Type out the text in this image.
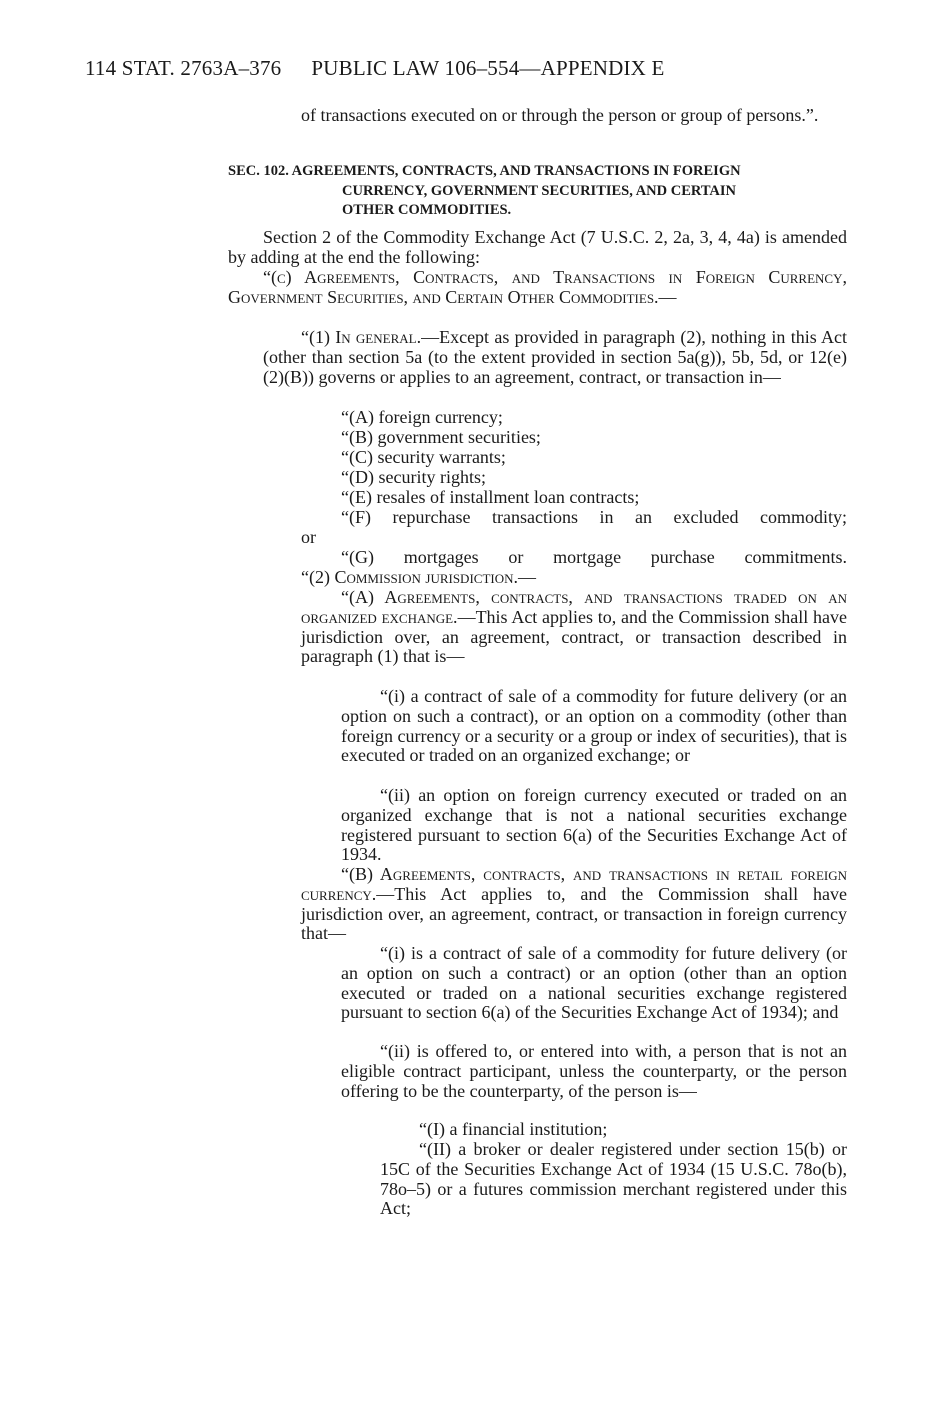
114 STAT. 2763A–376 PUBLIC LAW 106–554—APPENDIX E

of transactions executed on or through the person or group of persons.”.

SEC. 102. AGREEMENTS, CONTRACTS, AND TRANSACTIONS IN FOREIGN
CURRENCY, GOVERNMENT SECURITIES, AND CERTAIN
OTHER COMMODITIES.

Section 2 of the Commodity Exchange Act (7 U.S.C. 2, 2a, 3, 4, 4a) is amended by adding at the end the following:

“(c) Agreements, Contracts, and Transactions in Foreign Currency, Government Securities, and Certain Other Commodities.—

“(1) In general.—Except as provided in paragraph (2), nothing in this Act (other than section 5a (to the extent provided in section 5a(g)), 5b, 5d, or 12(e)(2)(B)) governs or applies to an agreement, contract, or transaction in—

“(A) foreign currency;

“(B) government securities;

“(C) security warrants;

“(D) security rights;

“(E) resales of installment loan contracts;

“(F) repurchase transactions in an excluded commodity;

or

“(G) mortgages or mortgage purchase commitments.

“(2) Commission jurisdiction.—

“(A) Agreements, contracts, and transactions traded on an organized exchange.—This Act applies to, and the Commission shall have jurisdiction over, an agreement, contract, or transaction described in paragraph (1) that is—

“(i) a contract of sale of a commodity for future delivery (or an option on such a contract), or an option on a commodity (other than foreign currency or a security or a group or index of securities), that is executed or traded on an organized exchange; or

“(ii) an option on foreign currency executed or traded on an organized exchange that is not a national securities exchange registered pursuant to section 6(a) of the Securities Exchange Act of 1934.

“(B) Agreements, contracts, and transactions in retail foreign currency.—This Act applies to, and the Commission shall have jurisdiction over, an agreement, contract, or transaction in foreign currency that—

“(i) is a contract of sale of a commodity for future delivery (or an option on such a contract) or an option (other than an option executed or traded on a national securities exchange registered pursuant to section 6(a) of the Securities Exchange Act of 1934); and

“(ii) is offered to, or entered into with, a person that is not an eligible contract participant, unless the counterparty, or the person offering to be the counterparty, of the person is—

“(I) a financial institution;

“(II) a broker or dealer registered under section 15(b) or 15C of the Securities Exchange Act of 1934 (15 U.S.C. 78o(b), 78o–5) or a futures commission merchant registered under this Act;
